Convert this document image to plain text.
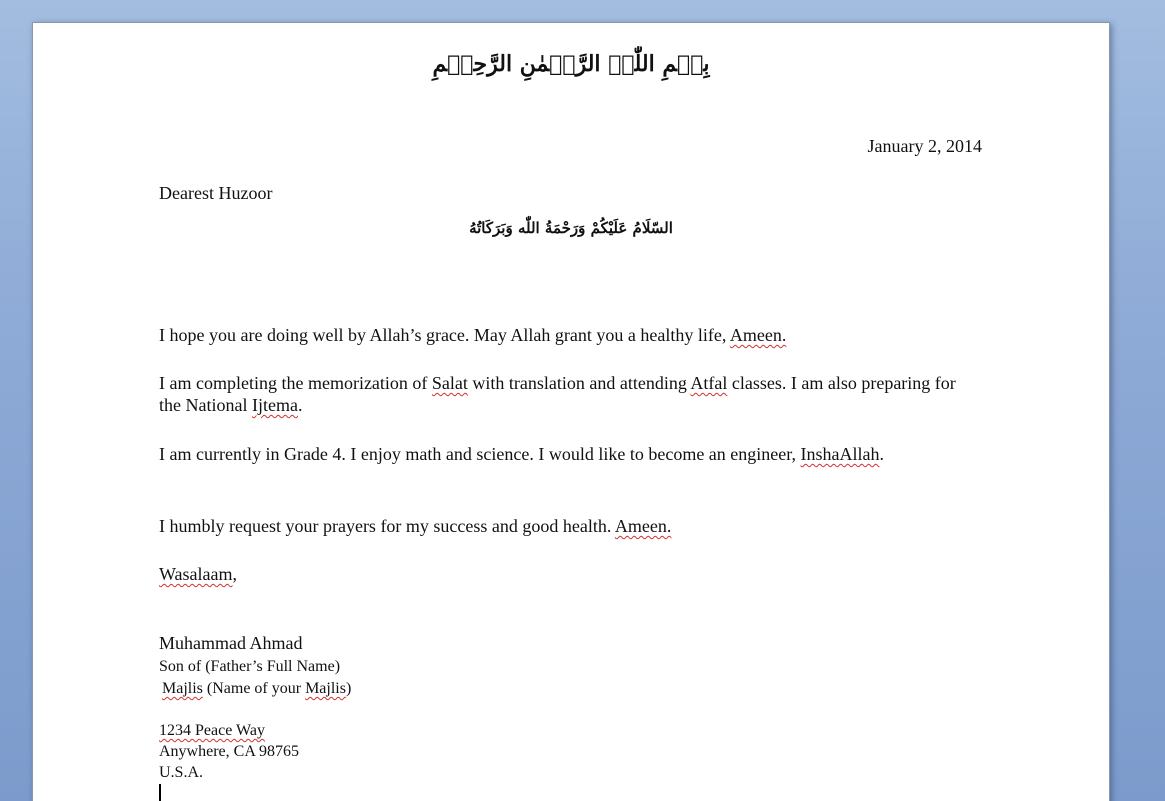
بِسۡمِ اللّٰہِ الرَّحۡمٰنِ الرَّحِیۡمِ
January 2, 2014
Dearest Huzoor
السّلَامُ عَلَيْكُمْ وَرَحْمَةُ اللّٰه وَبَرَكَاتُهُ
I hope you are doing well by Allah’s grace. May Allah grant you a healthy life, Ameen.
I am completing the memorization of Salat with translation and attending Atfal classes. I am also preparing for the National Ijtema.
I am currently in Grade 4. I enjoy math and science. I would like to become an engineer, InshaAllah.
I humbly request your prayers for my success and good health. Ameen.
Wasalaam,
Muhammad Ahmad
Son of (Father’s Full Name)
Majlis (Name of your Majlis)
1234 Peace Way
Anywhere, CA 98765
U.S.A.
